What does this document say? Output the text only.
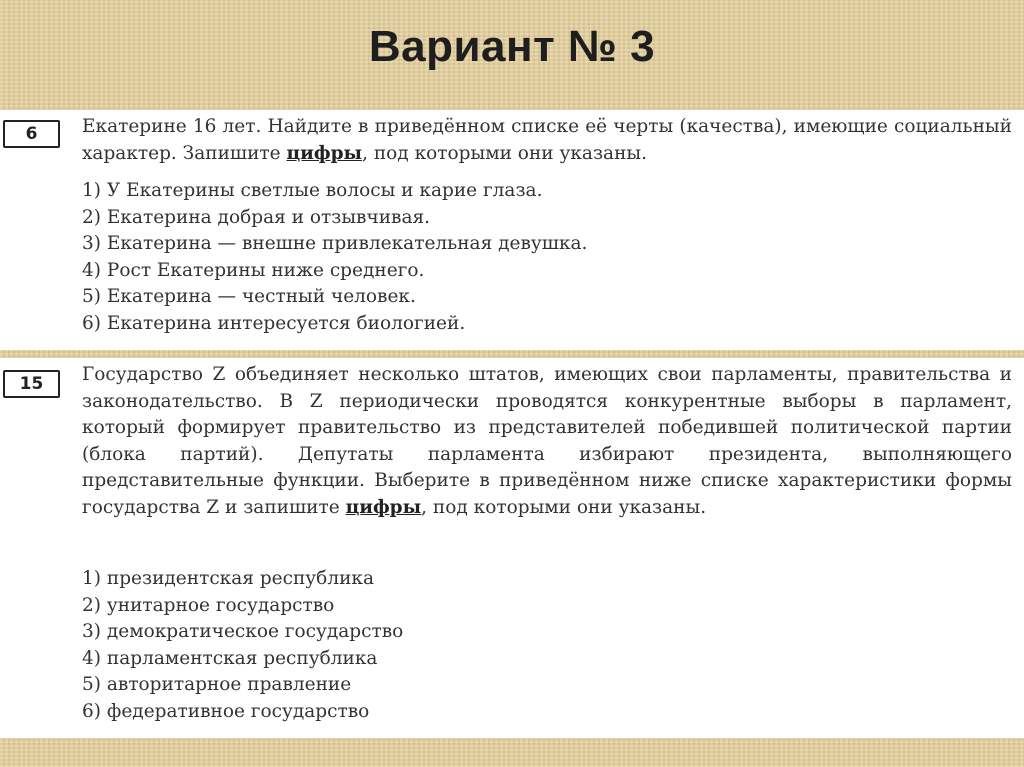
Вариант № 3
6	Екатерине 16 лет. Найдите в приведённом списке её черты (качества), имеющие социальный характер. Запишите цифры, под которыми они указаны.
1) У Екатерины светлые волосы и карие глаза.
2) Екатерина добрая и отзывчивая.
3) Екатерина — внешне привлекательная девушка.
4) Рост Екатерины ниже среднего.
5) Екатерина — честный человек.
6) Екатерина интересуется биологией.
15	Государство Z объединяет несколько штатов, имеющих свои парламенты, правительства и законодательство. В Z периодически проводятся конкурентные выборы в парламент, который формирует правительство из представителей победившей политической партии (блока партий). Депутаты парламента избирают президента, выполняющего представительные функции. Выберите в приведённом ниже списке характеристики формы государства Z и запишите цифры, под которыми они указаны.
1) президентская республика
2) унитарное государство
3) демократическое государство
4) парламентская республика
5) авторитарное правление
6) федеративное государство
